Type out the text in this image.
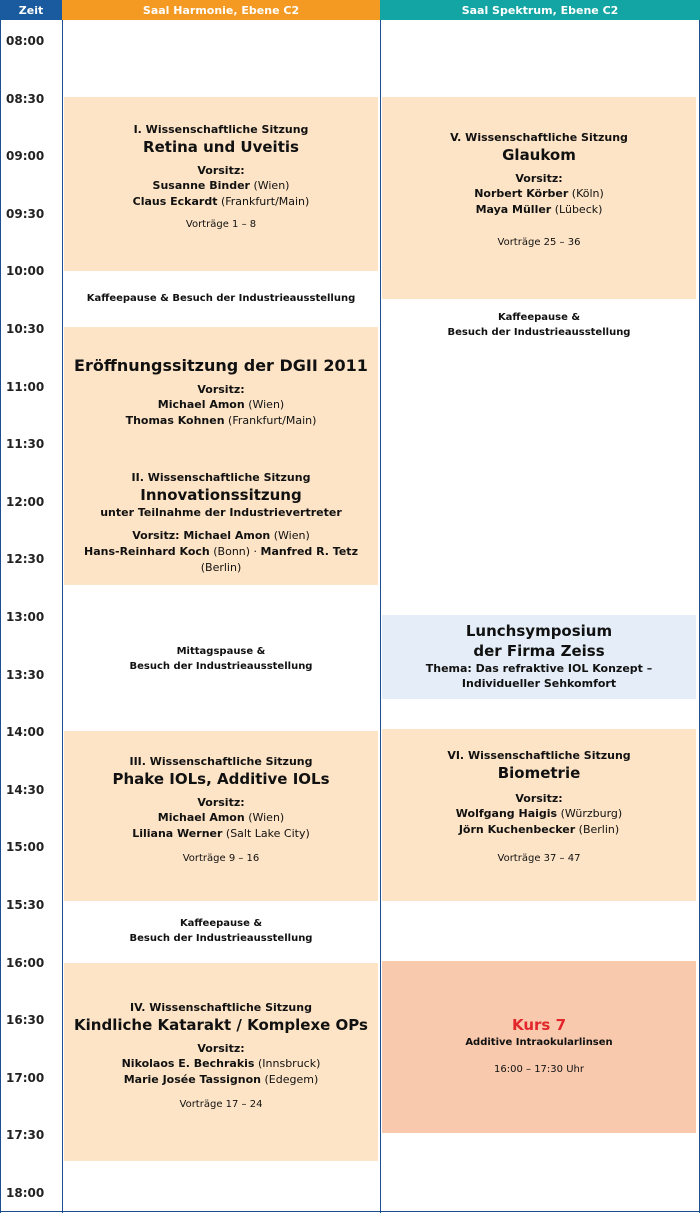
Zeit	Saal Harmonie, Ebene C2	Saal Spektrum, Ebene C2
I. Wissenschaftliche Sitzung
Retina und Uveitis
Vorsitz:
Susanne Binder (Wien)
Claus Eckardt (Frankfurt/Main)
Vorträge 1 – 8
Kaffeepause & Besuch der Industrieausstellung
Eröffnungssitzung der DGII 2011
Vorsitz:
Michael Amon (Wien)
Thomas Kohnen (Frankfurt/Main)
II. Wissenschaftliche Sitzung
Innovationssitzung
unter Teilnahme der Industrievertreter
Vorsitz: Michael Amon (Wien)
Hans-Reinhard Koch (Bonn) · Manfred R. Tetz (Berlin)
Mittagspause &
Besuch der Industrieausstellung
III. Wissenschaftliche Sitzung
Phake IOLs, Additive IOLs
Vorsitz:
Michael Amon (Wien)
Liliana Werner (Salt Lake City)
Vorträge 9 – 16
Kaffeepause &
Besuch der Industrieausstellung
IV. Wissenschaftliche Sitzung
Kindliche Katarakt / Komplexe OPs
Vorsitz:
Nikolaos E. Bechrakis (Innsbruck)
Marie Josée Tassignon (Edegem)
Vorträge 17 – 24
V. Wissenschaftliche Sitzung
Glaukom
Vorsitz:
Norbert Körber (Köln)
Maya Müller (Lübeck)
Vorträge 25 – 36
Kaffeepause &
Besuch der Industrieausstellung
Lunchsymposium
der Firma Zeiss
Thema: Das refraktive IOL Konzept –
Individueller Sehkomfort
VI. Wissenschaftliche Sitzung
Biometrie
Vorsitz:
Wolfgang Haigis (Würzburg)
Jörn Kuchenbecker (Berlin)
Vorträge 37 – 47
Kurs 7
Additive Intraokularlinsen
16:00 – 17:30 Uhr
08:00
08:30
09:00
09:30
10:00
10:30
11:00
11:30
12:00
12:30
13:00
13:30
14:00
14:30
15:00
15:30
16:00
16:30
17:00
17:30
18:00
